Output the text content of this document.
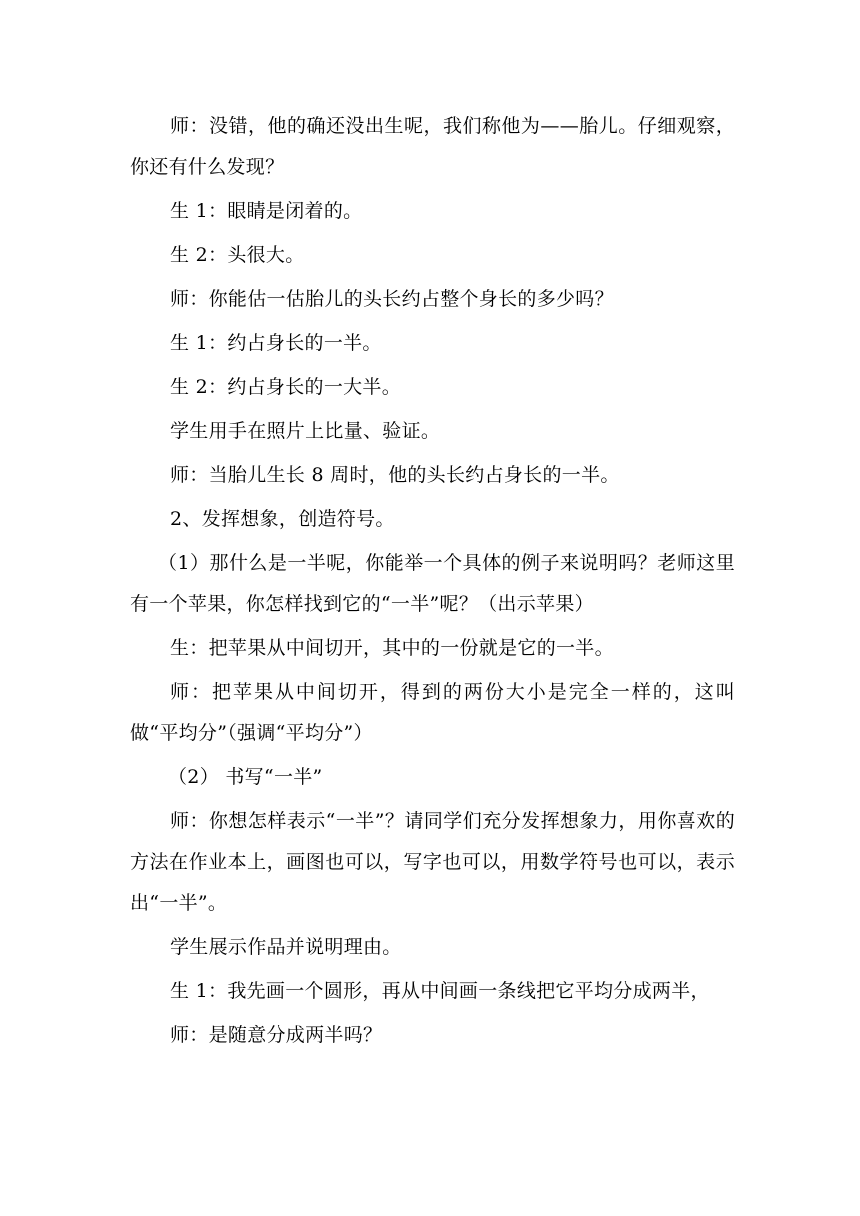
师：没错，他的确还没出生呢，我们称他为——胎儿。仔细观察，你还有什么发现？

生 1：眼睛是闭着的。

生 2：头很大。

师：你能估一估胎儿的头长约占整个身长的多少吗？

生 1：约占身长的一半。

生 2：约占身长的一大半。

学生用手在照片上比量、验证。

师：当胎儿生长 8 周时，他的头长约占身长的一半。

2、发挥想象，创造符号。

（1）那什么是一半呢，你能举一个具体的例子来说明吗？老师这里有一个苹果，你怎样找到它的“一半”呢？（出示苹果）

生：把苹果从中间切开，其中的一份就是它的一半。

师：把苹果从中间切开，得到的两份大小是完全一样的，这叫做“平均分”（强调“平均分”）

（2） 书写“一半”

师：你想怎样表示“一半”？请同学们充分发挥想象力，用你喜欢的方法在作业本上，画图也可以，写字也可以，用数学符号也可以，表示出“一半”。

学生展示作品并说明理由。

生 1：我先画一个圆形，再从中间画一条线把它平均分成两半，

师：是随意分成两半吗？
